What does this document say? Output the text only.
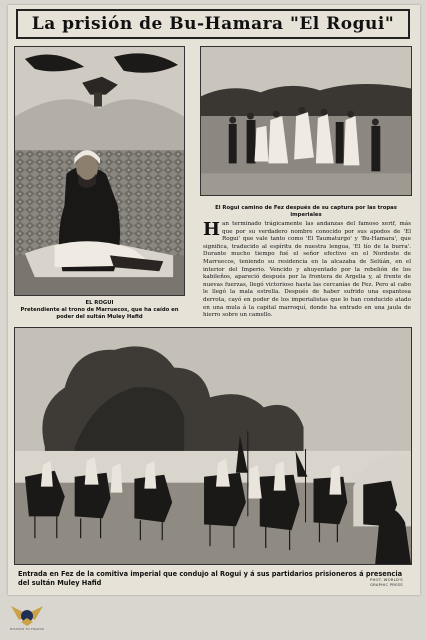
La prisión de Bu-Hamara "El Rogui"
EL ROGUI
Pretendiente al trono de Marruecos, que ha caído en poder del sultán Muley Hafid
El Rogui camino de Fez después de su captura por las tropas imperiales

Han terminado trágicamente las andanzas del famoso xerif, más que por su verdadero nombre conocido por sus apodos de 'El Rogui' que vale tanto como 'El Taumaturgo' y 'Bu-Hamara', que significa, traducido al espíritu de nuestra lengua, 'El tío de la burra'. Durante mucho tiempo fué el señor efectivo en el Nordeste de Marruecos, teniendo su residencia en la alcazaba de Selúán, en el interior del Imperio. Vencido y ahuyentado por la rebelión de los kabileños, apareció después por la frontera de Argelia y, al frente de nuevas fuerzas, llegó victorioso hasta las cercanías de Fez. Pero al cabo le llegó la mala estrella. Después de haber sufrido una espantosa derrota, cayó en poder de los imperialistas que lo han conducido atado en una mula á la capital marroquí, donde ha entrado en una jaula de hierro sobre un camello.

Entrada en Fez de la comitiva imperial que condujo al Rogui y á sus partidarios prisioneros á presencia del sultán Muley Hafid	PHOT. WORLD'S GRAPHIC PRESS
MISSION TO FRANCE
